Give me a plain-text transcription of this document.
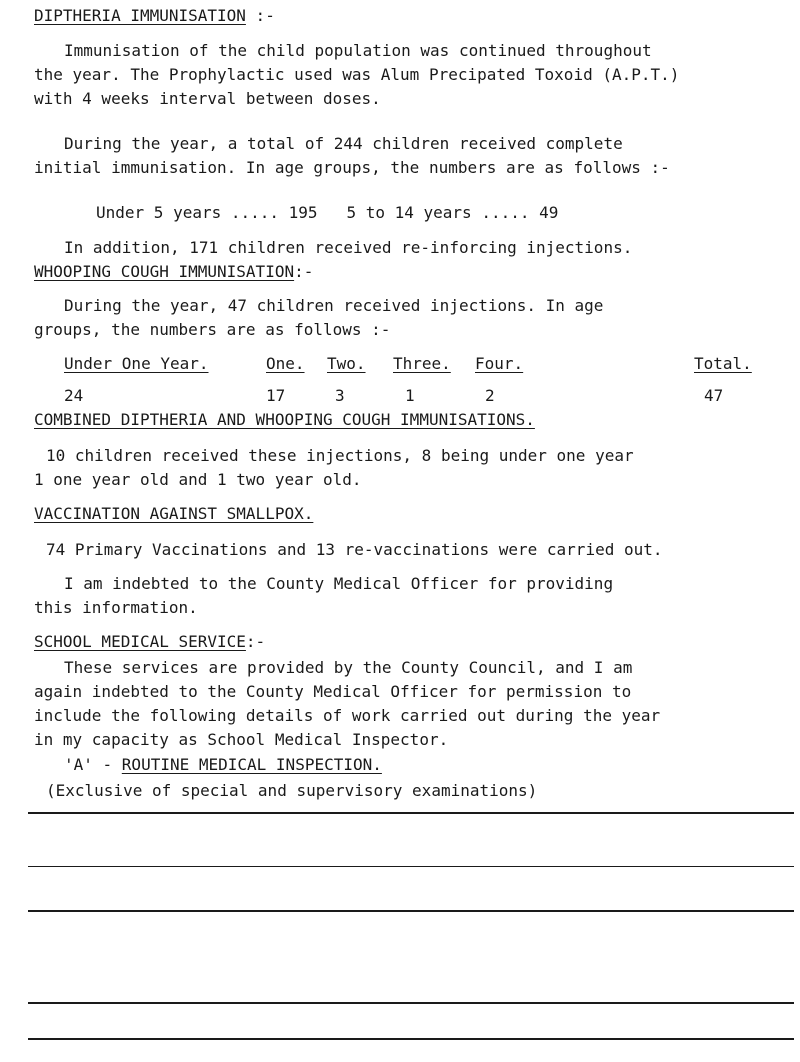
DIPTHERIA IMMUNISATION :-
Immunisation of the child population was continued throughout
the year. The Prophylactic used was Alum Precipated Toxoid (A.P.T.)
with 4 weeks interval between doses.
During the year, a total of 244 children received complete
initial immunisation. In age groups, the numbers are as follows :-
Under 5 years ..... 195   5 to 14 years ..... 49
In addition, 171 children received re-inforcing injections.
WHOOPING COUGH IMMUNISATION:-
During the year, 47 children received injections. In age
groups, the numbers are as follows :-
Under One Year.	One. Two. Three. Four.	Total.
24	17	3	1	2	47
COMBINED DIPTHERIA AND WHOOPING COUGH IMMUNISATIONS.
10 children received these injections, 8 being under one year
1 one year old and 1 two year old.
VACCINATION AGAINST SMALLPOX.
74 Primary Vaccinations and 13 re-vaccinations were carried out.
I am indebted to the County Medical Officer for providing
this information.
SCHOOL MEDICAL SERVICE:-
These services are provided by the County Council, and I am
again indebted to the County Medical Officer for permission to
include the following details of work carried out during the year
in my capacity as School Medical Inspector.
'A' - ROUTINE MEDICAL INSPECTION.
(Exclusive of special and supervisory examinations)
